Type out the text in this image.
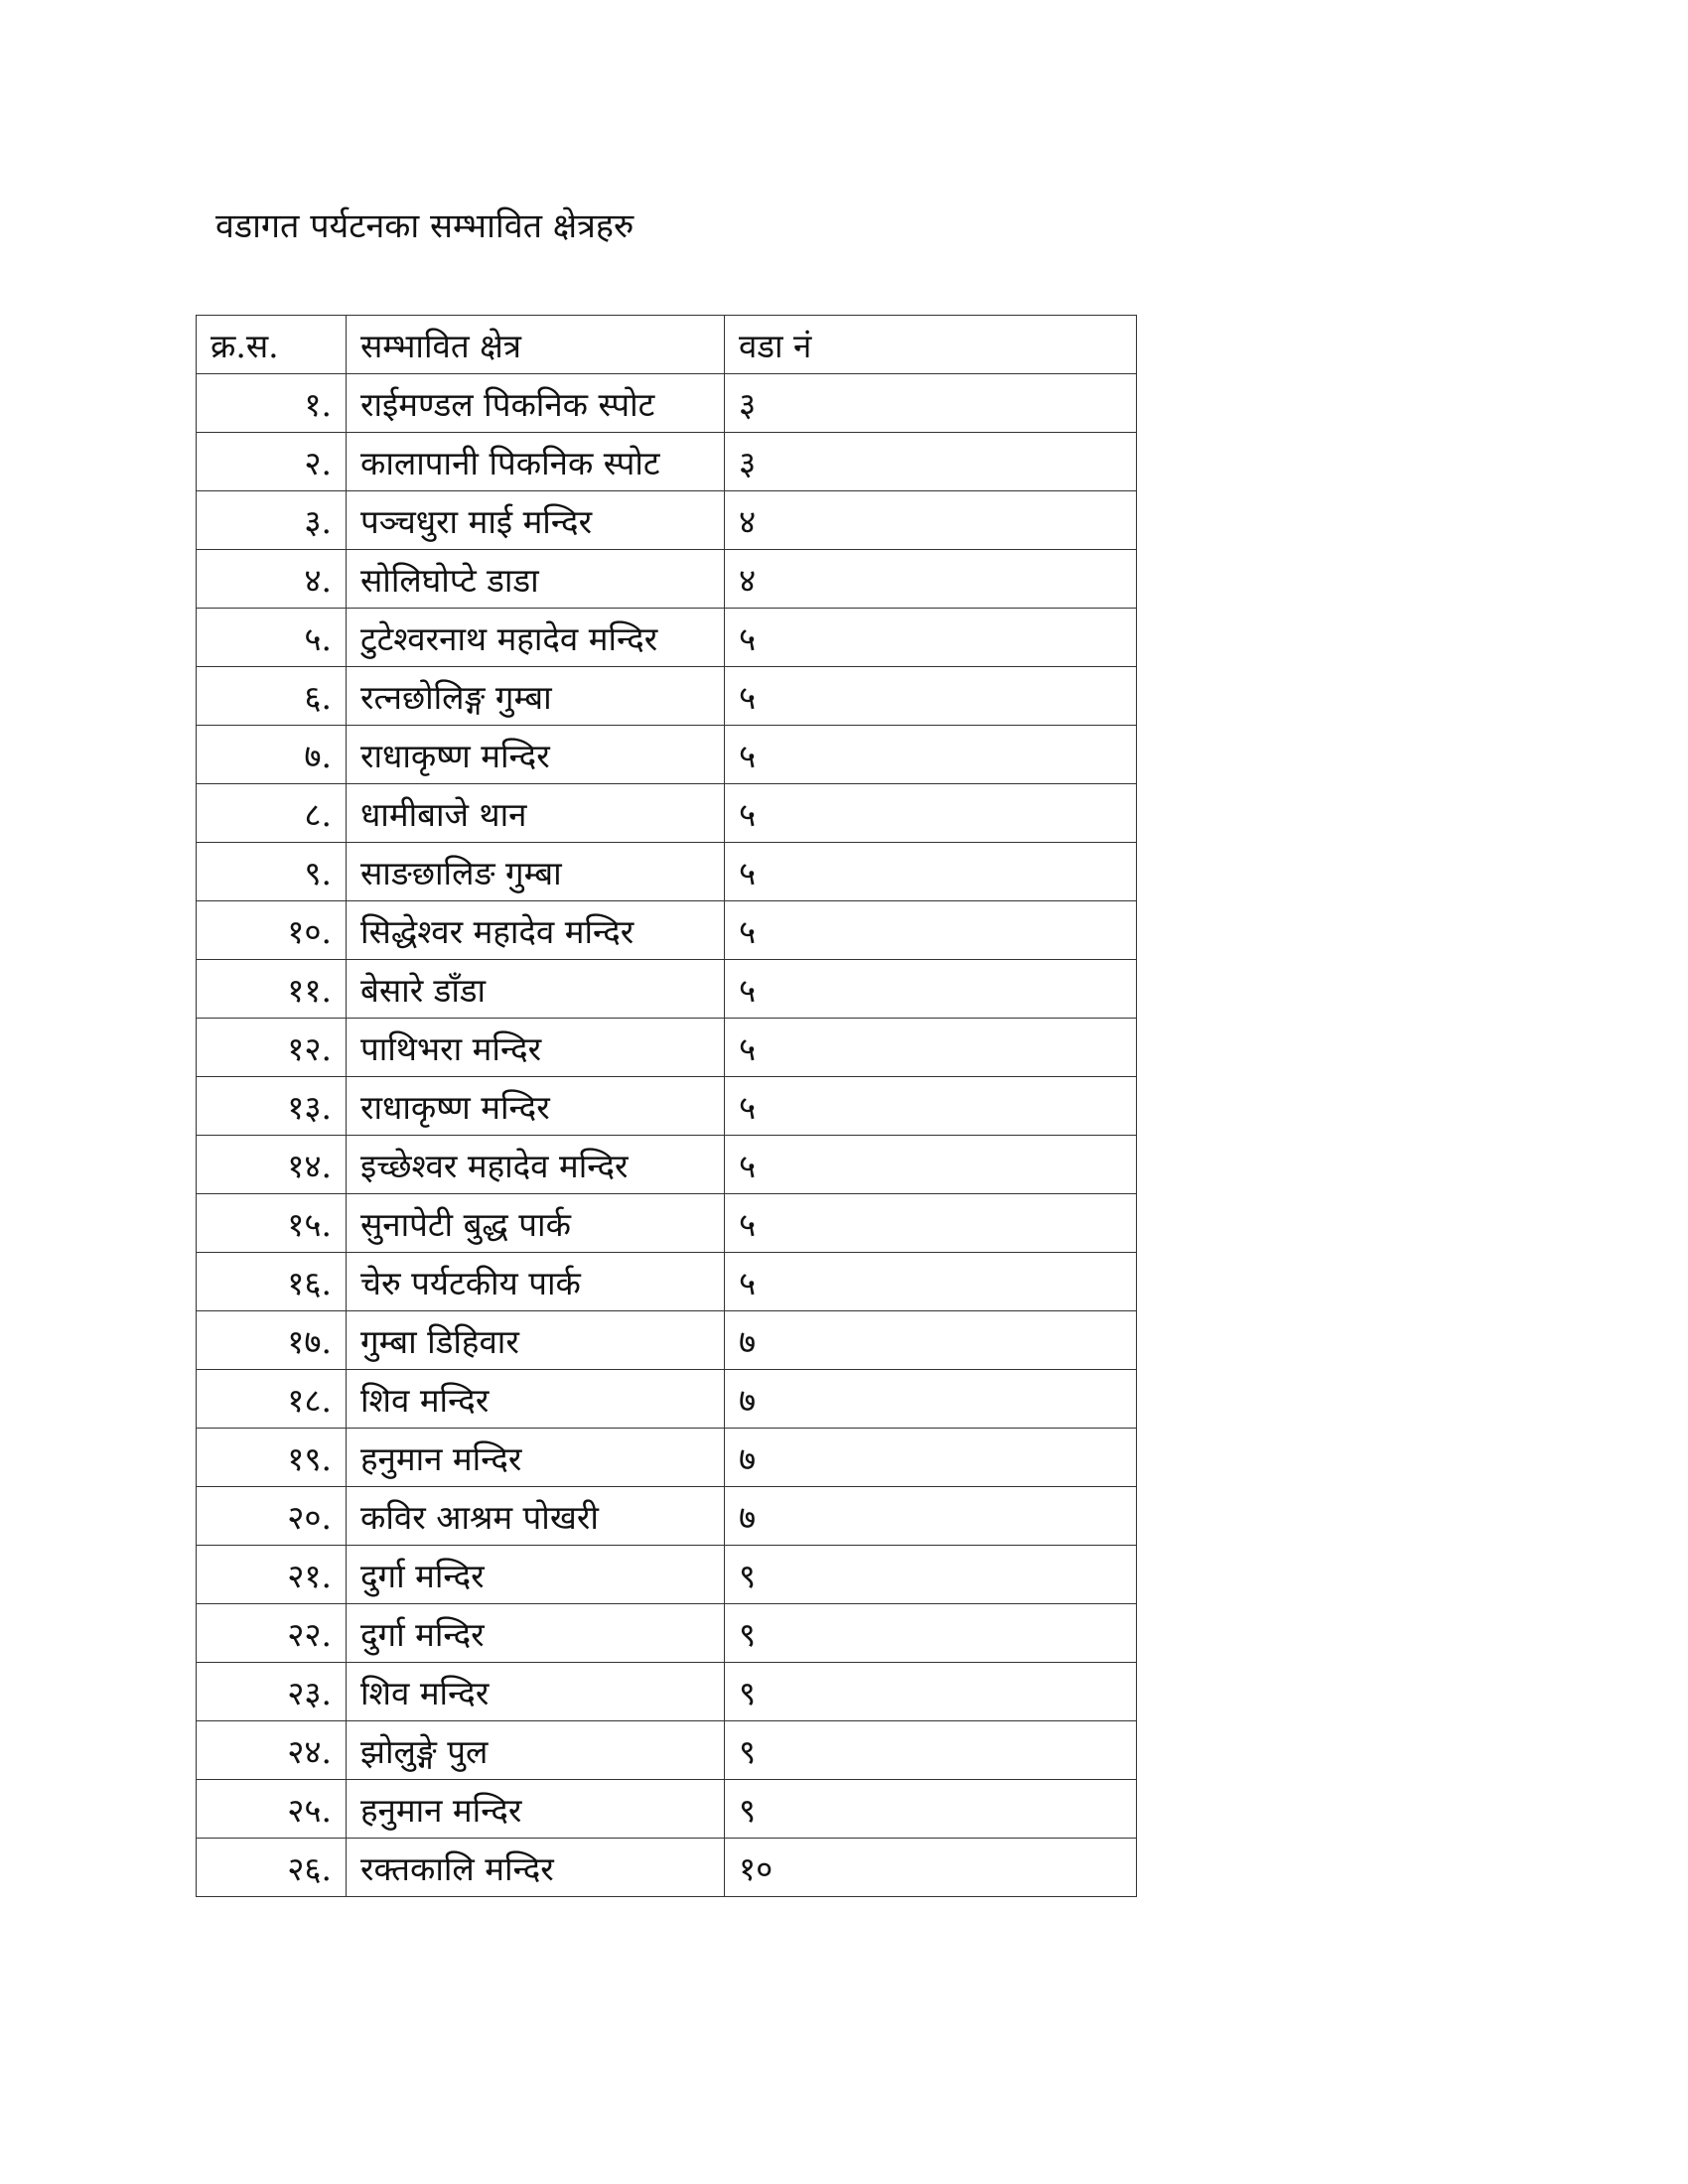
वडागत पर्यटनका सम्भावित क्षेत्रहरु
क्र.स.	सम्भावित क्षेत्र	वडा नं
१.	राईमण्डल पिकनिक स्पोट	३
२.	कालापानी पिकनिक स्पोट	३
३.	पञ्चधुरा माई मन्दिर	४
४.	सोलिघोप्टे डाडा	४
५.	टुटेश्वरनाथ महादेव मन्दिर	५
६.	रत्नछोलिङ्ग गुम्बा	५
७.	राधाकृष्ण मन्दिर	५
८.	धामीबाजे थान	५
९.	साङछालिङ गुम्बा	५
१०.	सिद्धेश्वर महादेव मन्दिर	५
११.	बेसारे डाँडा	५
१२.	पाथिभरा मन्दिर	५
१३.	राधाकृष्ण मन्दिर	५
१४.	इच्छेश्वर महादेव मन्दिर	५
१५.	सुनापेटी बुद्ध पार्क	५
१६.	चेरु पर्यटकीय पार्क	५
१७.	गुम्बा डिहिवार	७
१८.	शिव मन्दिर	७
१९.	हनुमान मन्दिर	७
२०.	कविर आश्रम पोखरी	७
२१.	दुर्गा मन्दिर	९
२२.	दुर्गा मन्दिर	९
२३.	शिव मन्दिर	९
२४.	झोलुङ्गे पुल	९
२५.	हनुमान मन्दिर	९
२६.	रक्तकालि मन्दिर	१०
